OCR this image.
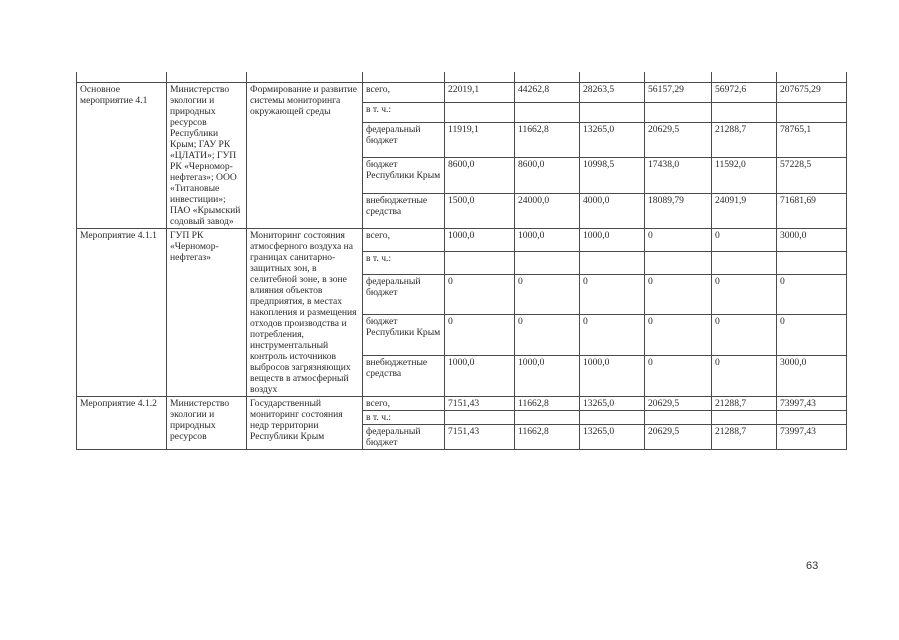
Основное мероприятие 4.1	Министерство экологии и природных ресурсов Республики Крым; ГАУ РК «ЦЛАТИ»; ГУП РК «Черномор-нефтегаз»; ООО «Титановые инвестиции»; ПАО «Крымский содовый завод»	Формирование и развитие системы мониторинга окружающей среды	всего,	22019,1	44262,8	28263,5	56157,29	56972,6	207675,29
			в т. ч.:						
			федеральный бюджет	11919,1	11662,8	13265,0	20629,5	21288,7	78765,1
			бюджет Республики Крым	8600,0	8600,0	10998,5	17438,0	11592,0	57228,5
			внебюджетные средства	1500,0	24000,0	4000,0	18089,79	24091,9	71681,69
Мероприятие 4.1.1	ГУП РК «Черномор-нефтегаз»	Мониторинг состояния атмосферного воздуха на границах санитарно-защитных зон, в селитебной зоне, в зоне влияния объектов предприятия, в местах накопления и размещения отходов производства и потребления, инструментальный контроль источников выбросов загрязняющих веществ в атмосферный воздух	всего,	1000,0	1000,0	1000,0	0	0	3000,0
			в т. ч.:						
			федеральный бюджет	0	0	0	0	0	0
			бюджет Республики Крым	0	0	0	0	0	0
			внебюджетные средства	1000,0	1000,0	1000,0	0	0	3000,0
Мероприятие 4.1.2	Министерство экологии и природных ресурсов	Государственный мониторинг состояния недр территории Республики Крым	всего,	7151,43	11662,8	13265,0	20629,5	21288,7	73997,43
			в т. ч.:						
			федеральный бюджет	7151,43	11662,8	13265,0	20629,5	21288,7	73997,43
63
